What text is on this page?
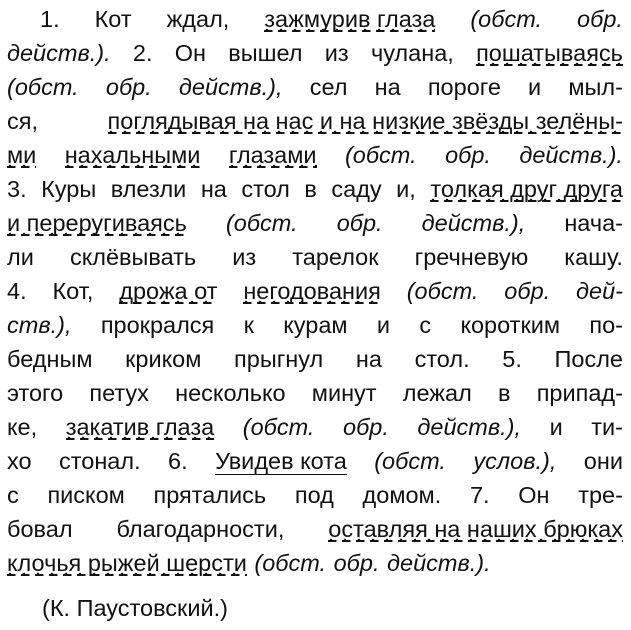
1. Кот ждал, зажмурив глаза (обст. обр.
действ.). 2. Он вышел из чулана, пошатываясь
(обст. обр. действ.), сел на пороге и мыл-
ся,	поглядывая на нас и на низкие звёзды зелёны-
ми нахальными глазами (обст. обр. действ.).
3. Куры влезли на стол в саду и, толкая друг друга
и переругиваясь (обст. обр. действ.), нача-
ли склёвывать из тарелок гречневую кашу.
4. Кот, дрожа от негодования (обст. обр. дей-
ств.), прокрался к курам и с коротким по-
бедным криком прыгнул на стол. 5. После
этого петух несколько минут лежал в припад-
ке, закатив глаза (обст. обр. действ.), и ти-
хо стонал. 6. Увидев кота (обст. услов.), они
с писком прятались под домом. 7. Он тре-
бовал благодарности, оставляя на наших брюках
клочья рыжей шерсти (обст. обр. действ.).
(К. Паустовский.)
